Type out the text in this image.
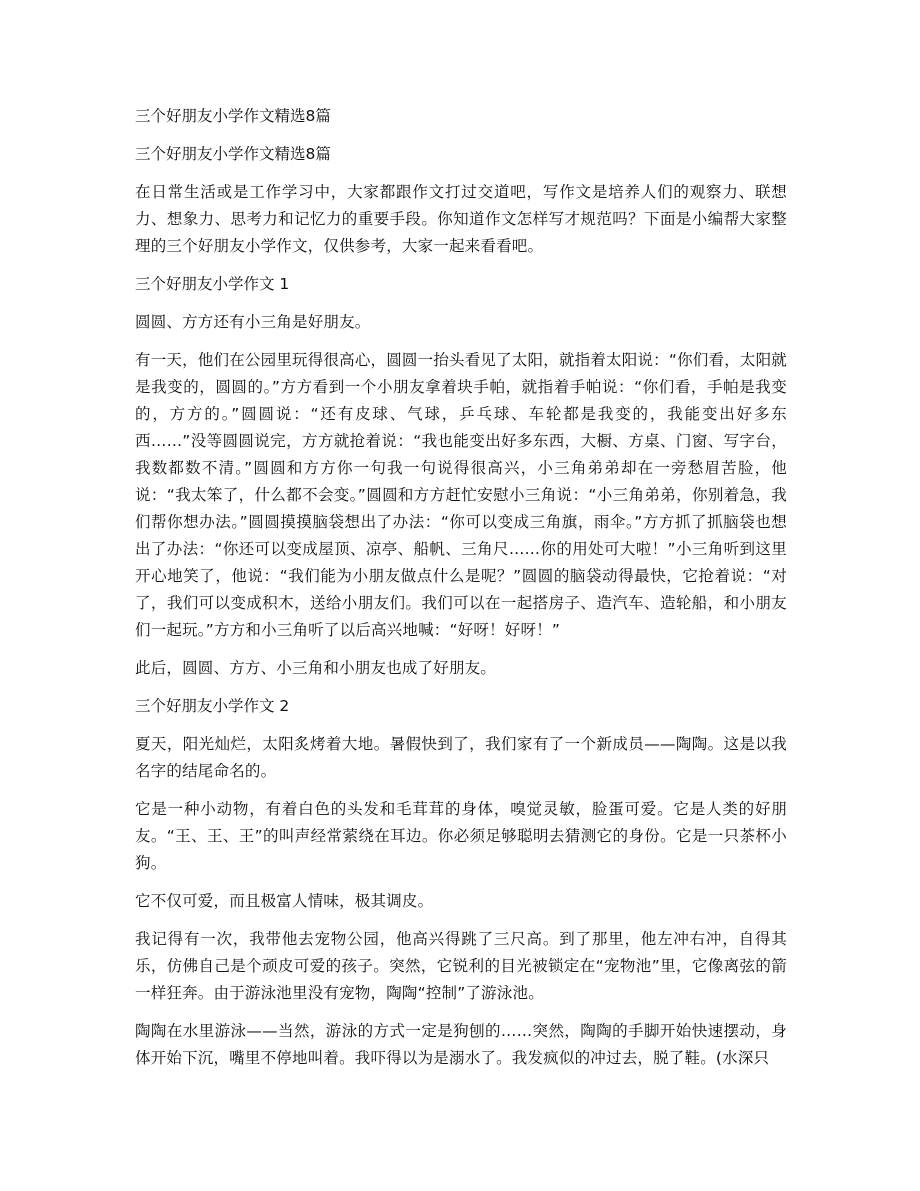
三个好朋友小学作文精选8篇

三个好朋友小学作文精选8篇

在日常生活或是工作学习中，大家都跟作文打过交道吧，写作文是培养人们的观察力、联想力、想象力、思考力和记忆力的重要手段。你知道作文怎样写才规范吗？下面是小编帮大家整理的三个好朋友小学作文，仅供参考，大家一起来看看吧。

三个好朋友小学作文 1

圆圆、方方还有小三角是好朋友。

有一天，他们在公园里玩得很高心，圆圆一抬头看见了太阳，就指着太阳说：“你们看，太阳就是我变的，圆圆的。”方方看到一个小朋友拿着块手帕，就指着手帕说：“你们看，手帕是我变的，方方的。”圆圆说：“还有皮球、气球，乒乓球、车轮都是我变的，我能变出好多东西……”没等圆圆说完，方方就抢着说：“我也能变出好多东西，大橱、方桌、门窗、写字台，我数都数不清。”圆圆和方方你一句我一句说得很高兴，小三角弟弟却在一旁愁眉苦脸，他说：“我太笨了，什么都不会变。”圆圆和方方赶忙安慰小三角说：“小三角弟弟，你别着急，我们帮你想办法。”圆圆摸摸脑袋想出了办法：“你可以变成三角旗，雨伞。”方方抓了抓脑袋也想出了办法：“你还可以变成屋顶、凉亭、船帆、三角尺……你的用处可大啦！”小三角听到这里开心地笑了，他说：“我们能为小朋友做点什么是呢？”圆圆的脑袋动得最快，它抢着说：“对了，我们可以变成积木，送给小朋友们。我们可以在一起搭房子、造汽车、造轮船，和小朋友们一起玩。”方方和小三角听了以后高兴地喊：“好呀！好呀！”

此后，圆圆、方方、小三角和小朋友也成了好朋友。

三个好朋友小学作文 2

夏天，阳光灿烂，太阳炙烤着大地。暑假快到了，我们家有了一个新成员——陶陶。这是以我名字的结尾命名的。

它是一种小动物，有着白色的头发和毛茸茸的身体，嗅觉灵敏，脸蛋可爱。它是人类的好朋友。“王、王、王”的叫声经常萦绕在耳边。你必须足够聪明去猜测它的身份。它是一只茶杯小狗。

它不仅可爱，而且极富人情味，极其调皮。

我记得有一次，我带他去宠物公园，他高兴得跳了三尺高。到了那里，他左冲右冲，自得其乐，仿佛自己是个顽皮可爱的孩子。突然，它锐利的目光被锁定在“宠物池”里，它像离弦的箭一样狂奔。由于游泳池里没有宠物，陶陶“控制”了游泳池。

陶陶在水里游泳——当然，游泳的方式一定是狗刨的……突然，陶陶的手脚开始快速摆动，身体开始下沉，嘴里不停地叫着。我吓得以为是溺水了。我发疯似的冲过去，脱了鞋。(水深只
